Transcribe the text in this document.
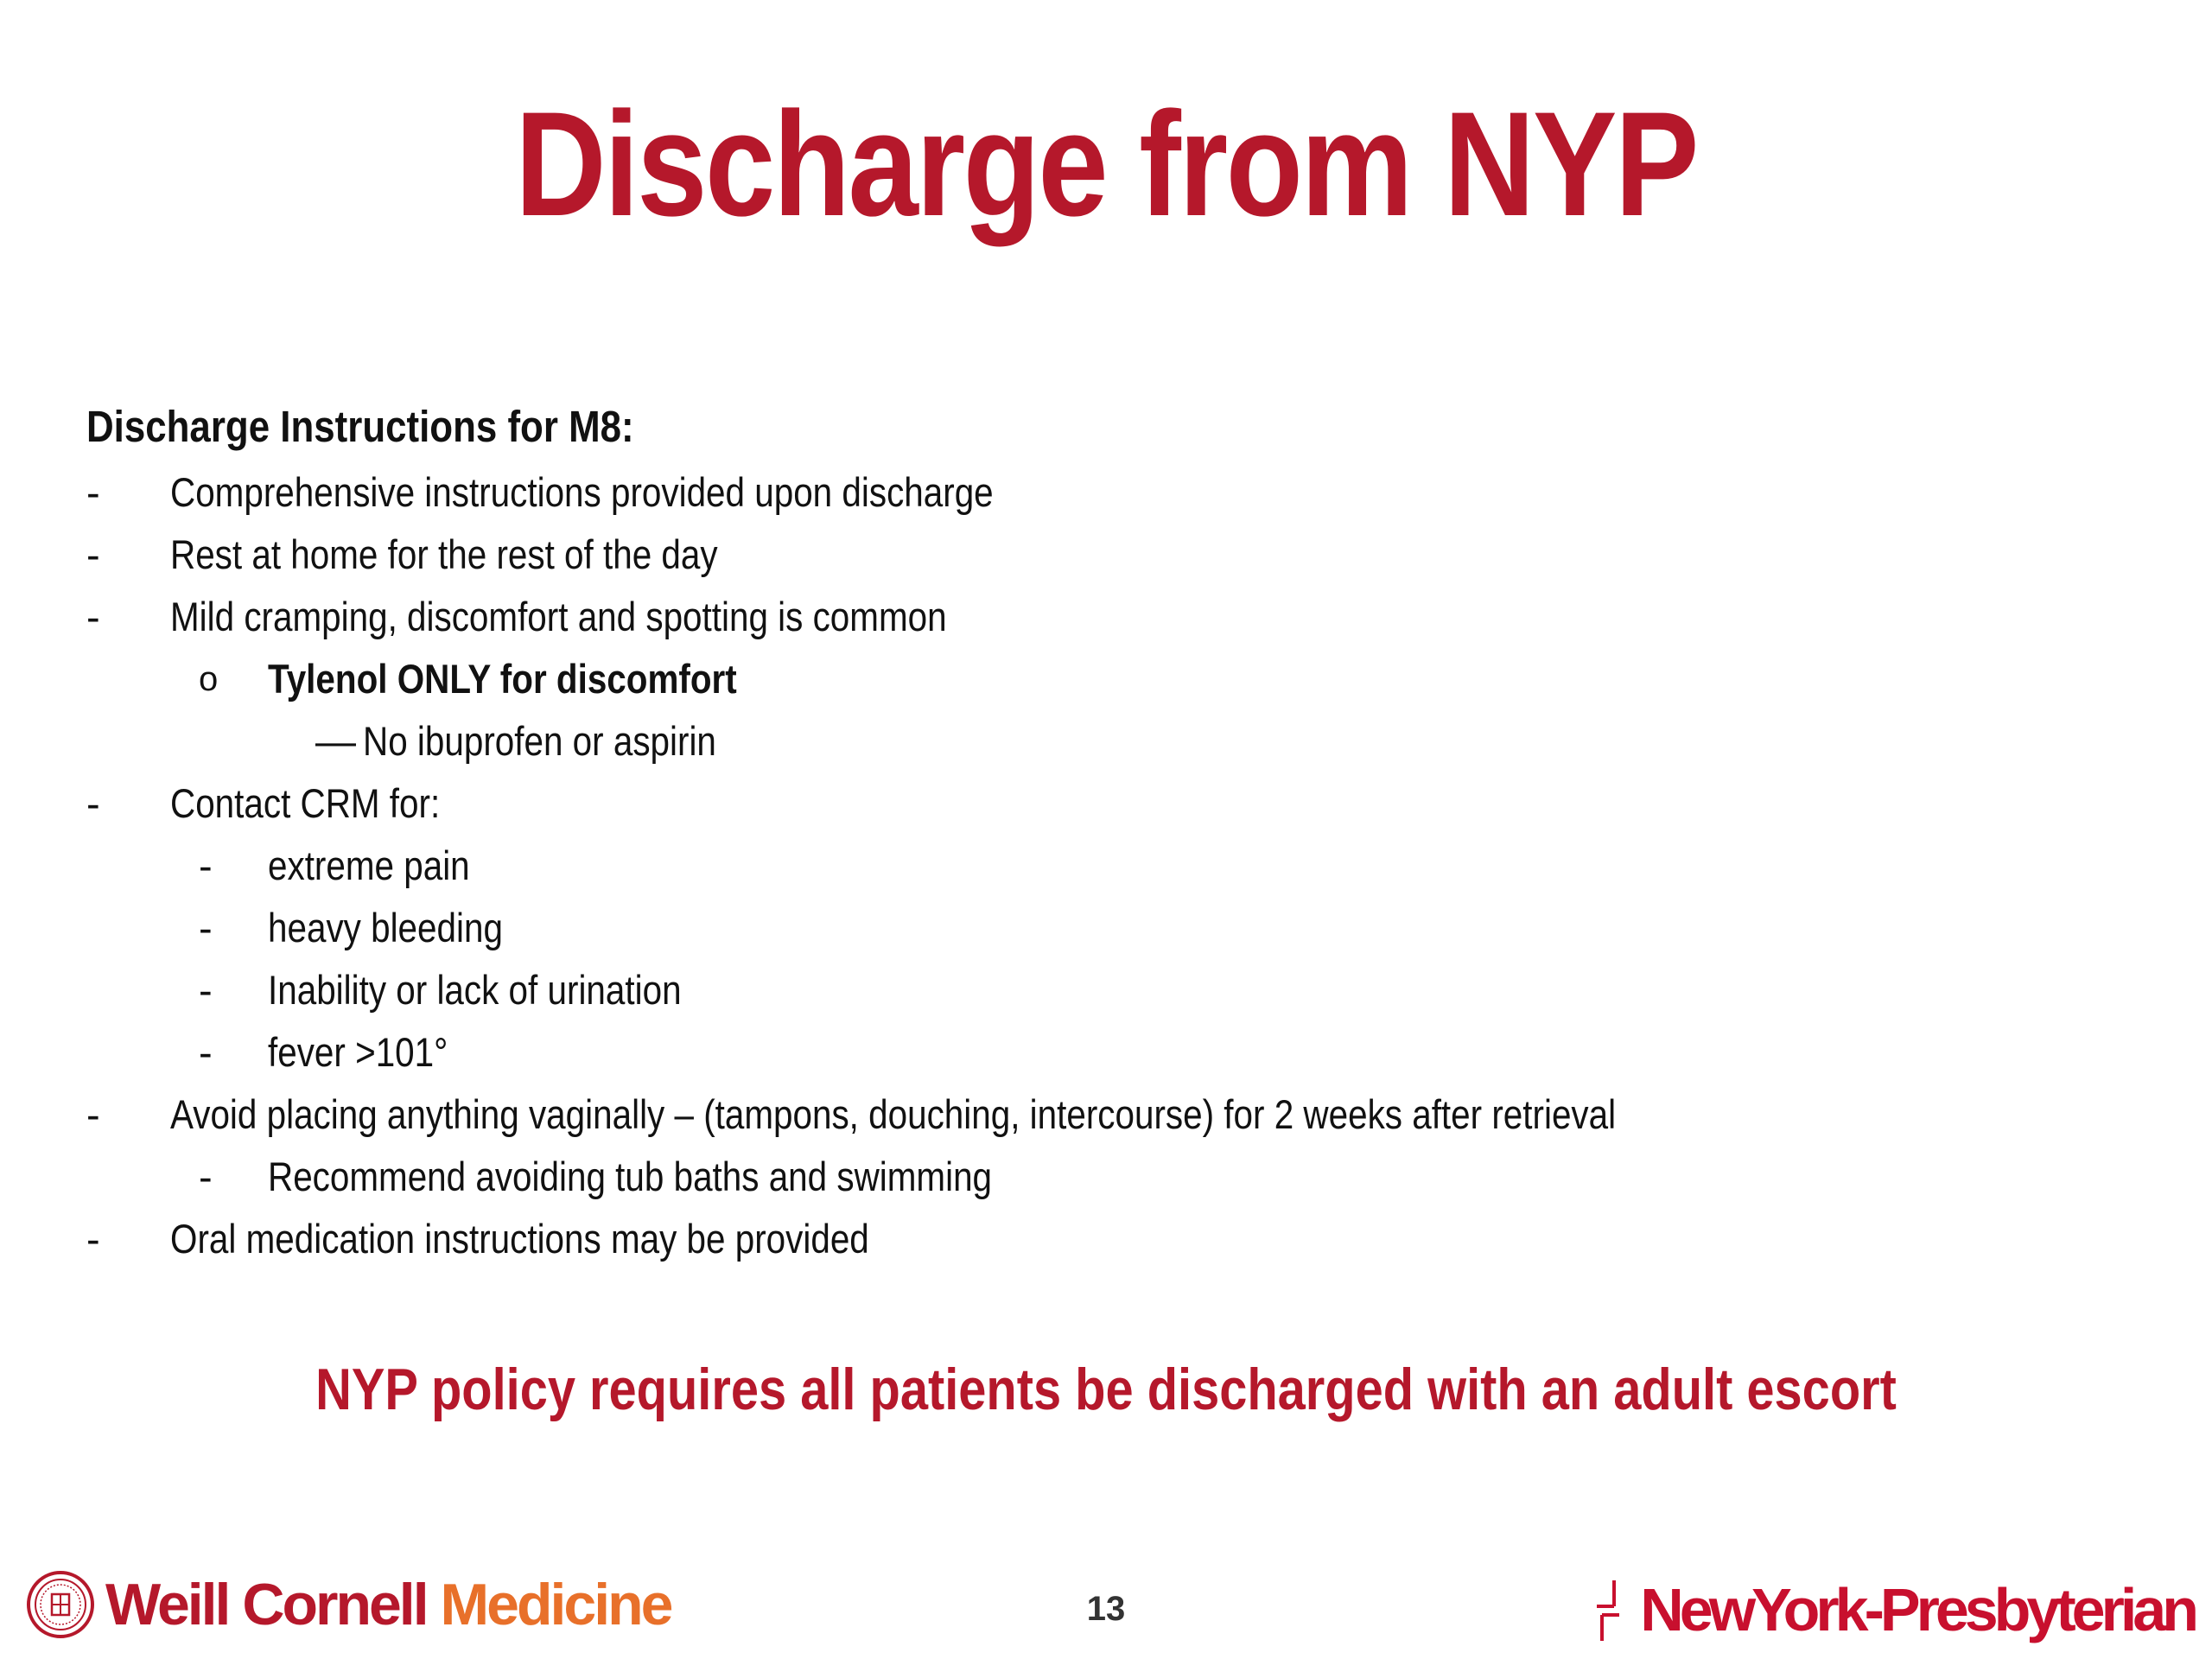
Discharge from NYP
Discharge Instructions for M8:
- Comprehensive instructions provided upon discharge
- Rest at home for the rest of the day
- Mild cramping, discomfort and spotting is common
o Tylenol ONLY for discomfort
— No ibuprofen or aspirin
- Contact CRM for:
- extreme pain
- heavy bleeding
- Inability or lack of urination
- fever >101°
- Avoid placing anything vaginally – (tampons, douching, intercourse) for 2 weeks after retrieval
- Recommend avoiding tub baths and swimming
- Oral medication instructions may be provided
NYP policy requires all patients be discharged with an adult escort
Weill Cornell Medicine	13	NewYork-Presbyterian
